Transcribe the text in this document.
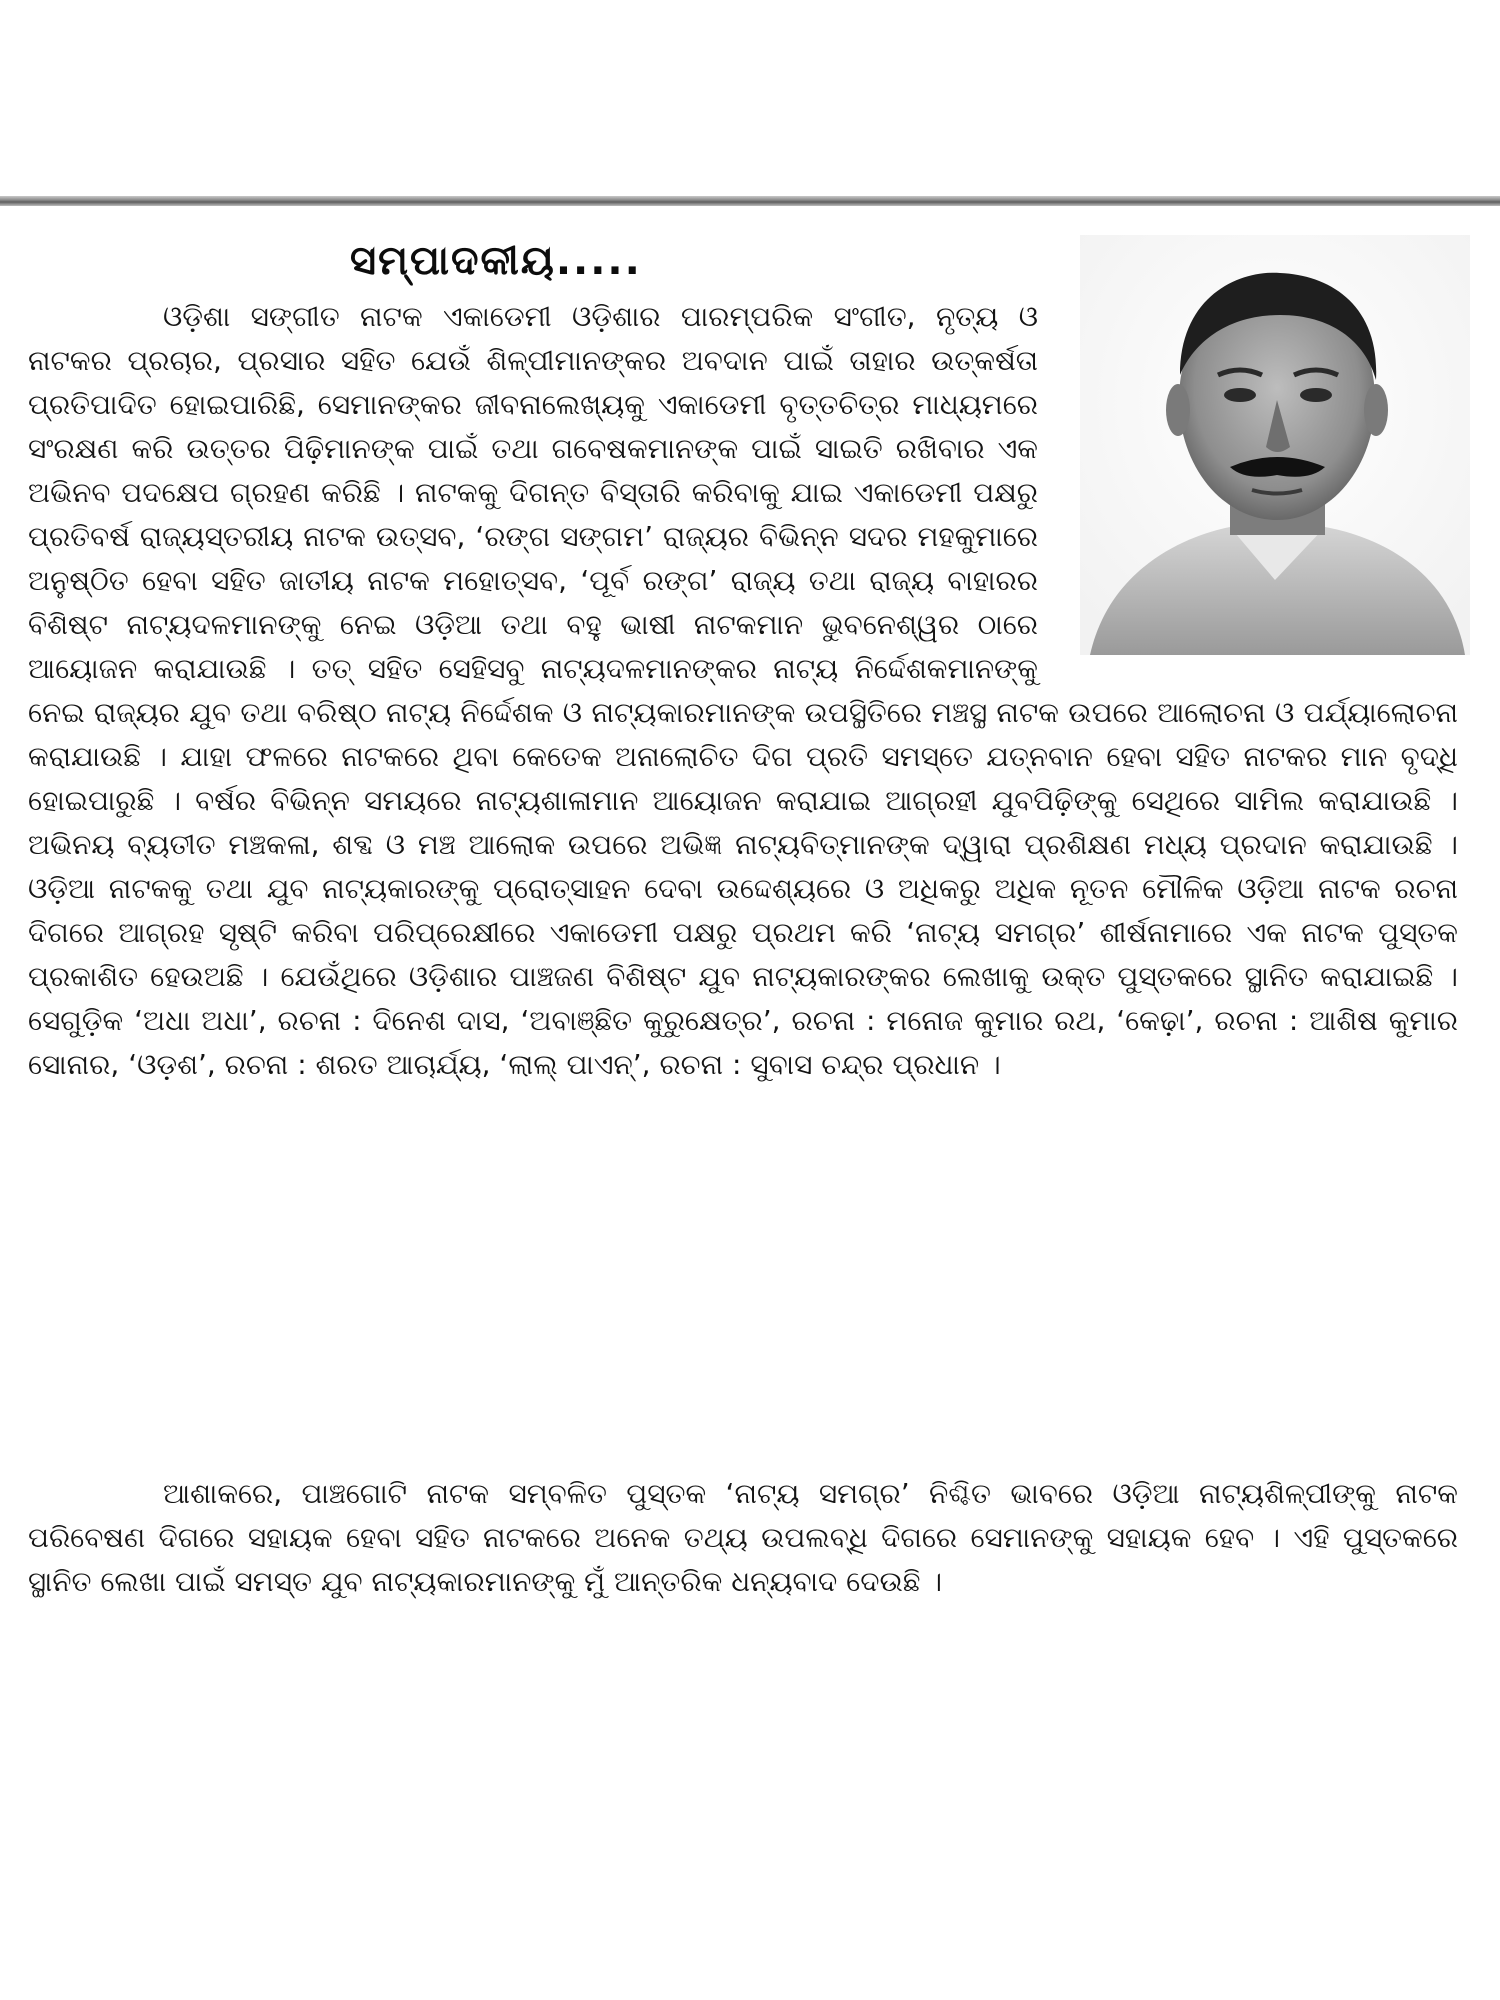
ସମ୍ପାଦକୀୟ.....

ଓଡ଼ିଶା ସଙ୍ଗୀତ ନାଟକ ଏକାଡେମୀ ଓଡ଼ିଶାର ପାରମ୍ପରିକ ସଂଗୀତ, ନୃତ୍ୟ ଓ ନାଟକର ପ୍ରଚାର, ପ୍ରସାର ସହିତ ଯେଉଁ ଶିଳ୍ପୀମାନଙ୍କର ଅବଦାନ ପାଇଁ ତାହାର ଉତ୍କର୍ଷତା ପ୍ରତିପାଦିତ ହୋଇପାରିଛି, ସେମାନଙ୍କର ଜୀବନାଲେଖ୍ୟକୁ ଏକାଡେମୀ ବୃତ୍ତଚିତ୍ର ମାଧ୍ୟମରେ ସଂରକ୍ଷଣ କରି ଉତ୍ତର ପିଢ଼ିମାନଙ୍କ ପାଇଁ ତଥା ଗବେଷକମାନଙ୍କ ପାଇଁ ସାଇତି ରଖିବାର ଏକ ଅଭିନବ ପଦକ୍ଷେପ ଗ୍ରହଣ କରିଛି । ନାଟକକୁ ଦିଗନ୍ତ ବିସ୍ତାରି କରିବାକୁ ଯାଇ ଏକାଡେମୀ ପକ୍ଷରୁ ପ୍ରତିବର୍ଷ ରାଜ୍ୟସ୍ତରୀୟ ନାଟକ ଉତ୍ସବ, ‘ରଙ୍ଗ ସଙ୍ଗମ’ ରାଜ୍ୟର ବିଭିନ୍ନ ସଦର ମହକୁମାରେ ଅନୁଷ୍ଠିତ ହେବା ସହିତ ଜାତୀୟ ନାଟକ ମହୋତ୍ସବ, ‘ପୂର୍ବ ରଙ୍ଗ’ ରାଜ୍ୟ ତଥା ରାଜ୍ୟ ବାହାରର ବିଶିଷ୍ଟ ନାଟ୍ୟଦଳମାନଙ୍କୁ ନେଇ ଓଡ଼ିଆ ତଥା ବହୁ ଭାଷୀ ନାଟକମାନ ଭୁବନେଶ୍ୱର ଠାରେ ଆୟୋଜନ କରାଯାଉଛି । ତତ୍ ସହିତ ସେହିସବୁ ନାଟ୍ୟଦଳମାନଙ୍କର ନାଟ୍ୟ ନିର୍ଦ୍ଦେଶକମାନଙ୍କୁ ନେଇ ରାଜ୍ୟର ଯୁବ ତଥା ବରିଷ୍ଠ ନାଟ୍ୟ ନିର୍ଦ୍ଦେଶକ ଓ ନାଟ୍ୟକାରମାନଙ୍କ ଉପସ୍ଥିତିରେ ମଞ୍ଚସ୍ଥ ନାଟକ ଉପରେ ଆଲୋଚନା ଓ ପର୍ଯ୍ୟାଲୋଚନା କରାଯାଉଛି । ଯାହା ଫଳରେ ନାଟକରେ ଥିବା କେତେକ ଅନାଲୋଚିତ ଦିଗ ପ୍ରତି ସମସ୍ତେ ଯତ୍ନବାନ ହେବା ସହିତ ନାଟକର ମାନ ବୃଦ୍ଧି ହୋଇପାରୁଛି । ବର୍ଷର ବିଭିନ୍ନ ସମୟରେ ନାଟ୍ୟଶାଳାମାନ ଆୟୋଜନ କରାଯାଇ ଆଗ୍ରହୀ ଯୁବପିଢ଼ିଙ୍କୁ ସେଥିରେ ସାମିଲ କରାଯାଉଛି । ଅଭିନୟ ବ୍ୟତୀତ ମଞ୍ଚକଳା, ଶବ୍ଦ ଓ ମଞ୍ଚ ଆଲୋକ ଉପରେ ଅଭିଜ୍ଞ ନାଟ୍ୟବିତ୍‌ମାନଙ୍କ ଦ୍ୱାରା ପ୍ରଶିକ୍ଷଣ ମଧ୍ୟ ପ୍ରଦାନ କରାଯାଉଛି । ଓଡ଼ିଆ ନାଟକକୁ ତଥା ଯୁବ ନାଟ୍ୟକାରଙ୍କୁ ପ୍ରୋତ୍ସାହନ ଦେବା ଉଦ୍ଦେଶ୍ୟରେ ଓ ଅଧିକରୁ ଅଧିକ ନୂତନ ମୌଳିକ ଓଡ଼ିଆ ନାଟକ ରଚନା ଦିଗରେ ଆଗ୍ରହ ସୃଷ୍ଟି କରିବା ପରିପ୍ରେକ୍ଷୀରେ ଏକାଡେମୀ ପକ୍ଷରୁ ପ୍ରଥମ କରି ‘ନାଟ୍ୟ ସମଗ୍ର’ ଶୀର୍ଷନାମାରେ ଏକ ନାଟକ ପୁସ୍ତକ ପ୍ରକାଶିତ ହେଉଅଛି । ଯେଉଁଥିରେ ଓଡ଼ିଶାର ପାଞ୍ଚଜଣ ବିଶିଷ୍ଟ ଯୁବ ନାଟ୍ୟକାରଙ୍କର ଲେଖାକୁ ଉକ୍ତ ପୁସ୍ତକରେ ସ୍ଥାନିତ କରାଯାଇଛି । ସେଗୁଡ଼ିକ ‘ଅଧା ଅଧା’, ରଚନା : ଦିନେଶ ଦାସ, ‘ଅବାଞ୍ଛିତ କୁରୁକ୍ଷେତ୍ର’, ରଚନା : ମନୋଜ କୁମାର ରଥ, ‘କେଢ଼ା’, ରଚନା : ଆଶିଷ କୁମାର ସୋନାର, ‘ଓଡ଼ଶ’, ରଚନା : ଶରତ ଆଚାର୍ଯ୍ୟ, ‘ଲାଲ୍ ପାଏନ୍’, ରଚନା : ସୁବାସ ଚନ୍ଦ୍ର ପ୍ରଧାନ ।

ଆଶାକରେ, ପାଞ୍ଚଗୋଟି ନାଟକ ସମ୍ବଳିତ ପୁସ୍ତକ ‘ନାଟ୍ୟ ସମଗ୍ର’ ନିଶ୍ଚିତ ଭାବରେ ଓଡ଼ିଆ ନାଟ୍ୟଶିଳ୍ପୀଙ୍କୁ ନାଟକ ପରିବେଷଣ ଦିଗରେ ସହାୟକ ହେବା ସହିତ ନାଟକରେ ଅନେକ ତଥ୍ୟ ଉପଲବ୍ଧି ଦିଗରେ ସେମାନଙ୍କୁ ସହାୟକ ହେବ । ଏହି ପୁସ୍ତକରେ ସ୍ଥାନିତ ଲେଖା ପାଇଁ ସମସ୍ତ ଯୁବ ନାଟ୍ୟକାରମାନଙ୍କୁ ମୁଁ ଆନ୍ତରିକ ଧନ୍ୟବାଦ ଦେଉଛି ।
